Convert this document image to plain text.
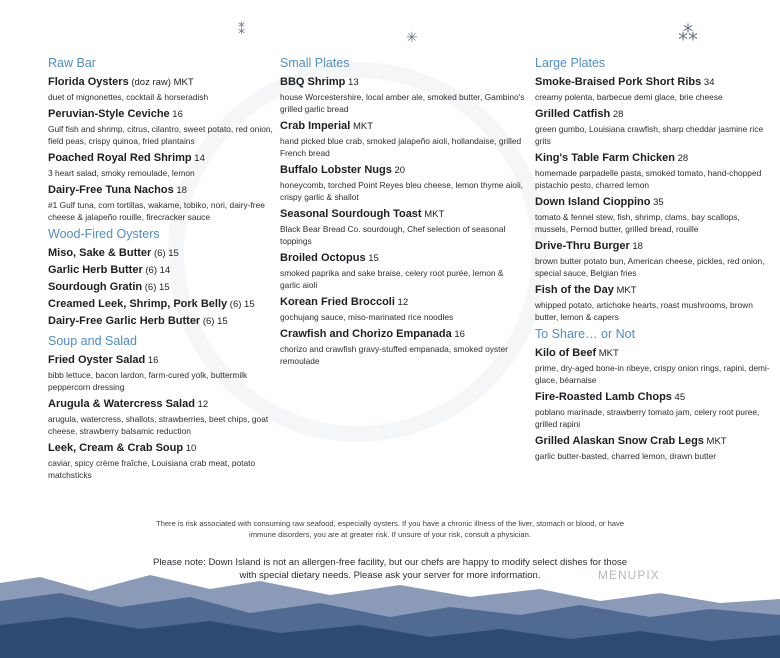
⁑	✳	⁂
Raw Bar
Florida Oysters (doz raw) MKT
duet of mignonettes, cocktail & horseradish
Peruvian-Style Ceviche 16
Gulf fish and shrimp, citrus, cilantro, sweet potato, red onion, field peas, crispy quinoa, fried plantains
Poached Royal Red Shrimp 14
3 heart salad, smoky remoulade, lemon
Dairy-Free Tuna Nachos 18
#1 Gulf tuna, corn tortillas, wakame, tobiko, nori, dairy-free cheese & jalapeño rouille, firecracker sauce
Wood-Fired Oysters
Miso, Sake & Butter (6) 15
Garlic Herb Butter (6) 14
Sourdough Gratin (6) 15
Creamed Leek, Shrimp, Pork Belly (6) 15
Dairy-Free Garlic Herb Butter (6) 15
Soup and Salad
Fried Oyster Salad 16
bibb lettuce, bacon lardon, farm-cured yolk, buttermilk peppercorn dressing
Arugula & Watercress Salad 12
arugula, watercress, shallots, strawberries, beet chips, goat cheese, strawberry balsamic reduction
Leek, Cream & Crab Soup 10
caviar, spicy crème fraîche, Louisiana crab meat, potato matchsticks
Small Plates
BBQ Shrimp 13
house Worcestershire, local amber ale, smoked butter, Gambino's grilled garlic bread
Crab Imperial MKT
hand picked blue crab, smoked jalapeño aioli, hollandaise, grilled French bread
Buffalo Lobster Nugs 20
honeycomb, torched Point Reyes bleu cheese, lemon thyme aioli, crispy garlic & shallot
Seasonal Sourdough Toast MKT
Black Bear Bread Co. sourdough, Chef selection of seasonal toppings
Broiled Octopus 15
smoked paprika and sake braise, celery root purée, lemon & garlic aioli
Korean Fried Broccoli 12
gochujang sauce, miso-marinated rice noodles
Crawfish and Chorizo Empanada 16
chorizo and crawfish gravy-stuffed empanada, smoked oyster remoulade
Large Plates
Smoke-Braised Pork Short Ribs 34
creamy polenta, barbecue demi glace, brie cheese
Grilled Catfish 28
green gumbo, Louisiana crawfish, sharp cheddar jasmine rice grits
King's Table Farm Chicken 28
homemade parpadelle pasta, smoked tomato, hand-chopped pistachio pesto, charred lemon
Down Island Cioppino 35
tomato & fennel stew, fish, shrimp, clams, bay scallops, mussels, Pernod butter, grilled bread, rouille
Drive-Thru Burger 18
brown butter potato bun, American cheese, pickles, red onion, special sauce, Belgian fries
Fish of the Day MKT
whipped potato, artichoke hearts, roast mushrooms, brown butter, lemon & capers
To Share… or Not
Kilo of Beef MKT
prime, dry-aged bone-in ribeye, crispy onion rings, rapini, demi-glace, béarnaise
Fire-Roasted Lamb Chops 45
poblano marinade, strawberry tomato jam, celery root puree, grilled rapini
Grilled Alaskan Snow Crab Legs MKT
garlic butter-basted, charred lemon, drawn butter
There is risk associated with consuming raw seafood, especially oysters. If you have a chronic illness of the liver, stomach or blood, or have immune disorders, you are at greater risk. If unsure of your risk, consult a physician.
Please note: Down Island is not an allergen-free facility, but our chefs are happy to modify select dishes for those with special dietary needs. Please ask your server for more information.	MENUPIX
